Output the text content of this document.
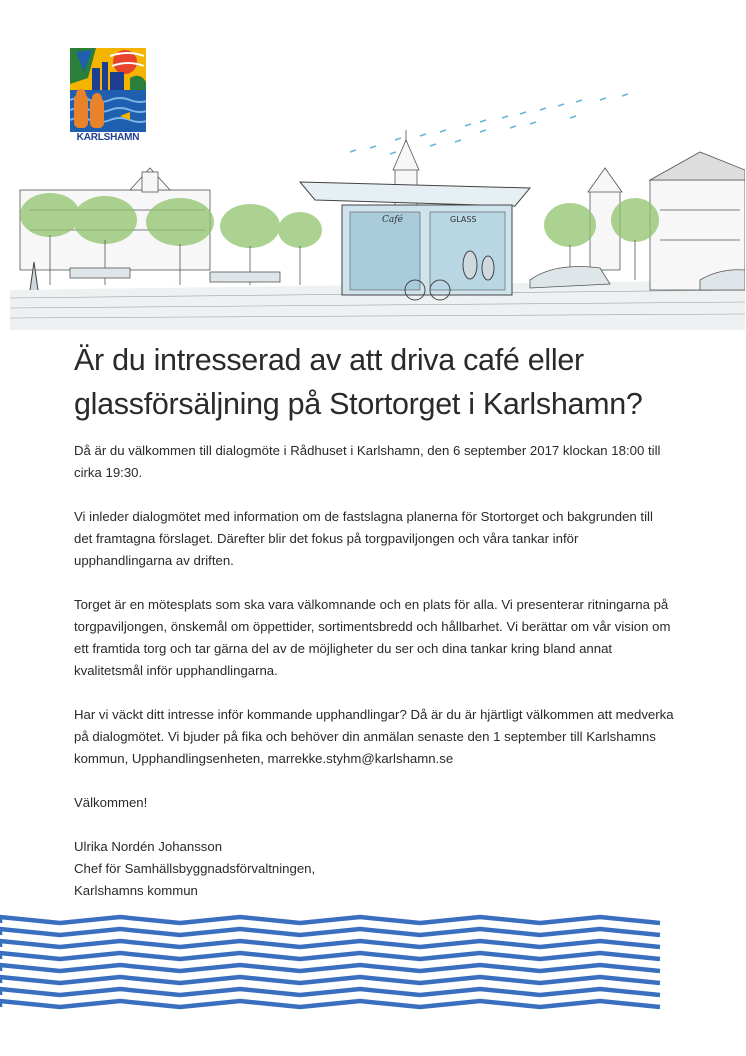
KARLSHAMN
Café	GLASS
Är du intresserad av att driva café eller glassförsäljning på Stortorget i Karlshamn?

Då är du välkommen till dialogmöte i Rådhuset i Karlshamn, den 6 september 2017 klockan 18:00 till cirka 19:30.

Vi inleder dialogmötet med information om de fastslagna planerna för Stortorget och bakgrunden till det framtagna förslaget. Därefter blir det fokus på torgpaviljongen och våra tankar inför upphandlingarna av driften.

Torget är en mötesplats som ska vara välkomnande och en plats för alla. Vi presenterar ritningarna på torgpaviljongen, önskemål om öppettider, sortimentsbredd och hållbarhet. Vi berättar om vår vision om ett framtida torg och tar gärna del av de möjligheter du ser och dina tankar kring bland annat kvalitetsmål inför upphandlingarna.

Har vi väckt ditt intresse inför kommande upphandlingar? Då är du är hjärtligt välkommen att medverka på dialogmötet. Vi bjuder på fika och behöver din anmälan senaste den 1 september till Karlshamns kommun, Upphandlingsenheten, marrekke.styhm@karlshamn.se

Välkommen!

Ulrika Nordén Johansson

Chef för Samhällsbyggnadsförvaltningen,

Karlshamns kommun
